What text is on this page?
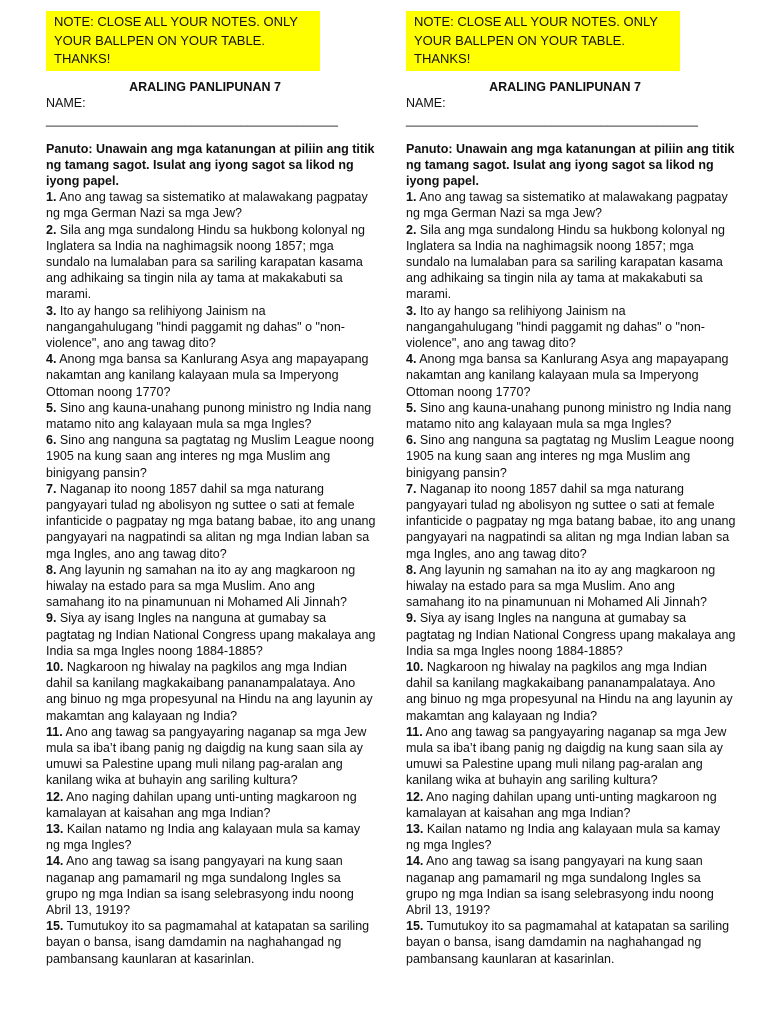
NOTE: CLOSE ALL YOUR NOTES. ONLY YOUR BALLPEN ON YOUR TABLE. THANKS!
ARALING PANLIPUNAN 7
NAME: __________________________________________
Panuto: Unawain ang mga katanungan at piliin ang titik ng tamang sagot. Isulat ang iyong sagot sa likod ng iyong papel.
1. Ano ang tawag sa sistematiko at malawakang pagpatay ng mga German Nazi sa mga Jew?
2. Sila ang mga sundalong Hindu sa hukbong kolonyal ng Inglatera sa India na naghimagsik noong 1857; mga sundalo na lumalaban para sa sariling karapatan kasama ang adhikaing sa tingin nila ay tama at makakabuti sa marami.
3. Ito ay hango sa relihiyong Jainism na nangangahulugang "hindi paggamit ng dahas" o "non-violence", ano ang tawag dito?
4. Anong mga bansa sa Kanlurang Asya ang mapayapang nakamtan ang kanilang kalayaan mula sa Imperyong Ottoman noong 1770?
5. Sino ang kauna-unahang punong ministro ng India nang matamo nito ang kalayaan mula sa mga Ingles?
6. Sino ang nanguna sa pagtatag ng Muslim League noong 1905 na kung saan ang interes ng mga Muslim ang binigyang pansin?
7. Naganap ito noong 1857 dahil sa mga naturang pangyayari tulad ng abolisyon ng suttee o sati at female infanticide o pagpatay ng mga batang babae, ito ang unang pangyayari na nagpatindi sa alitan ng mga Indian laban sa mga Ingles, ano ang tawag dito?
8. Ang layunin ng samahan na ito ay ang magkaroon ng hiwalay na estado para sa mga Muslim. Ano ang samahang ito na pinamunuan ni Mohamed Ali Jinnah?
9. Siya ay isang Ingles na nanguna at gumabay sa pagtatag ng Indian National Congress upang makalaya ang India sa mga Ingles noong 1884-1885?
10. Nagkaroon ng hiwalay na pagkilos ang mga Indian dahil sa kanilang magkakaibang pananampalataya. Ano ang binuo ng mga propesyunal na Hindu na ang layunin ay makamtan ang kalayaan ng India?
11. Ano ang tawag sa pangyayaring naganap sa mga Jew mula sa iba’t ibang panig ng daigdig na kung saan sila ay umuwi sa Palestine upang muli nilang pag-aralan ang kanilang wika at buhayin ang sariling kultura?
12. Ano naging dahilan upang unti-unting magkaroon ng kamalayan at kaisahan ang mga Indian?
13. Kailan natamo ng India ang kalayaan mula sa kamay ng mga Ingles?
14. Ano ang tawag sa isang pangyayari na kung saan naganap ang pamamaril ng mga sundalong Ingles sa grupo ng mga Indian sa isang selebrasyong indu noong Abril 13, 1919?
15. Tumutukoy ito sa pagmamahal at katapatan sa sariling bayan o bansa, isang damdamin na naghahangad ng pambansang kaunlaran at kasarinlan.
NOTE: CLOSE ALL YOUR NOTES. ONLY YOUR BALLPEN ON YOUR TABLE. THANKS!
ARALING PANLIPUNAN 7
NAME: __________________________________________
Panuto: Unawain ang mga katanungan at piliin ang titik ng tamang sagot. Isulat ang iyong sagot sa likod ng iyong papel.
1. Ano ang tawag sa sistematiko at malawakang pagpatay ng mga German Nazi sa mga Jew?
2. Sila ang mga sundalong Hindu sa hukbong kolonyal ng Inglatera sa India na naghimagsik noong 1857; mga sundalo na lumalaban para sa sariling karapatan kasama ang adhikaing sa tingin nila ay tama at makakabuti sa marami.
3. Ito ay hango sa relihiyong Jainism na nangangahulugang "hindi paggamit ng dahas" o "non-violence", ano ang tawag dito?
4. Anong mga bansa sa Kanlurang Asya ang mapayapang nakamtan ang kanilang kalayaan mula sa Imperyong Ottoman noong 1770?
5. Sino ang kauna-unahang punong ministro ng India nang matamo nito ang kalayaan mula sa mga Ingles?
6. Sino ang nanguna sa pagtatag ng Muslim League noong 1905 na kung saan ang interes ng mga Muslim ang binigyang pansin?
7. Naganap ito noong 1857 dahil sa mga naturang pangyayari tulad ng abolisyon ng suttee o sati at female infanticide o pagpatay ng mga batang babae, ito ang unang pangyayari na nagpatindi sa alitan ng mga Indian laban sa mga Ingles, ano ang tawag dito?
8. Ang layunin ng samahan na ito ay ang magkaroon ng hiwalay na estado para sa mga Muslim. Ano ang samahang ito na pinamunuan ni Mohamed Ali Jinnah?
9. Siya ay isang Ingles na nanguna at gumabay sa pagtatag ng Indian National Congress upang makalaya ang India sa mga Ingles noong 1884-1885?
10. Nagkaroon ng hiwalay na pagkilos ang mga Indian dahil sa kanilang magkakaibang pananampalataya. Ano ang binuo ng mga propesyunal na Hindu na ang layunin ay makamtan ang kalayaan ng India?
11. Ano ang tawag sa pangyayaring naganap sa mga Jew mula sa iba’t ibang panig ng daigdig na kung saan sila ay umuwi sa Palestine upang muli nilang pag-aralan ang kanilang wika at buhayin ang sariling kultura?
12. Ano naging dahilan upang unti-unting magkaroon ng kamalayan at kaisahan ang mga Indian?
13. Kailan natamo ng India ang kalayaan mula sa kamay ng mga Ingles?
14. Ano ang tawag sa isang pangyayari na kung saan naganap ang pamamaril ng mga sundalong Ingles sa grupo ng mga Indian sa isang selebrasyong indu noong Abril 13, 1919?
15. Tumutukoy ito sa pagmamahal at katapatan sa sariling bayan o bansa, isang damdamin na naghahangad ng pambansang kaunlaran at kasarinlan.
